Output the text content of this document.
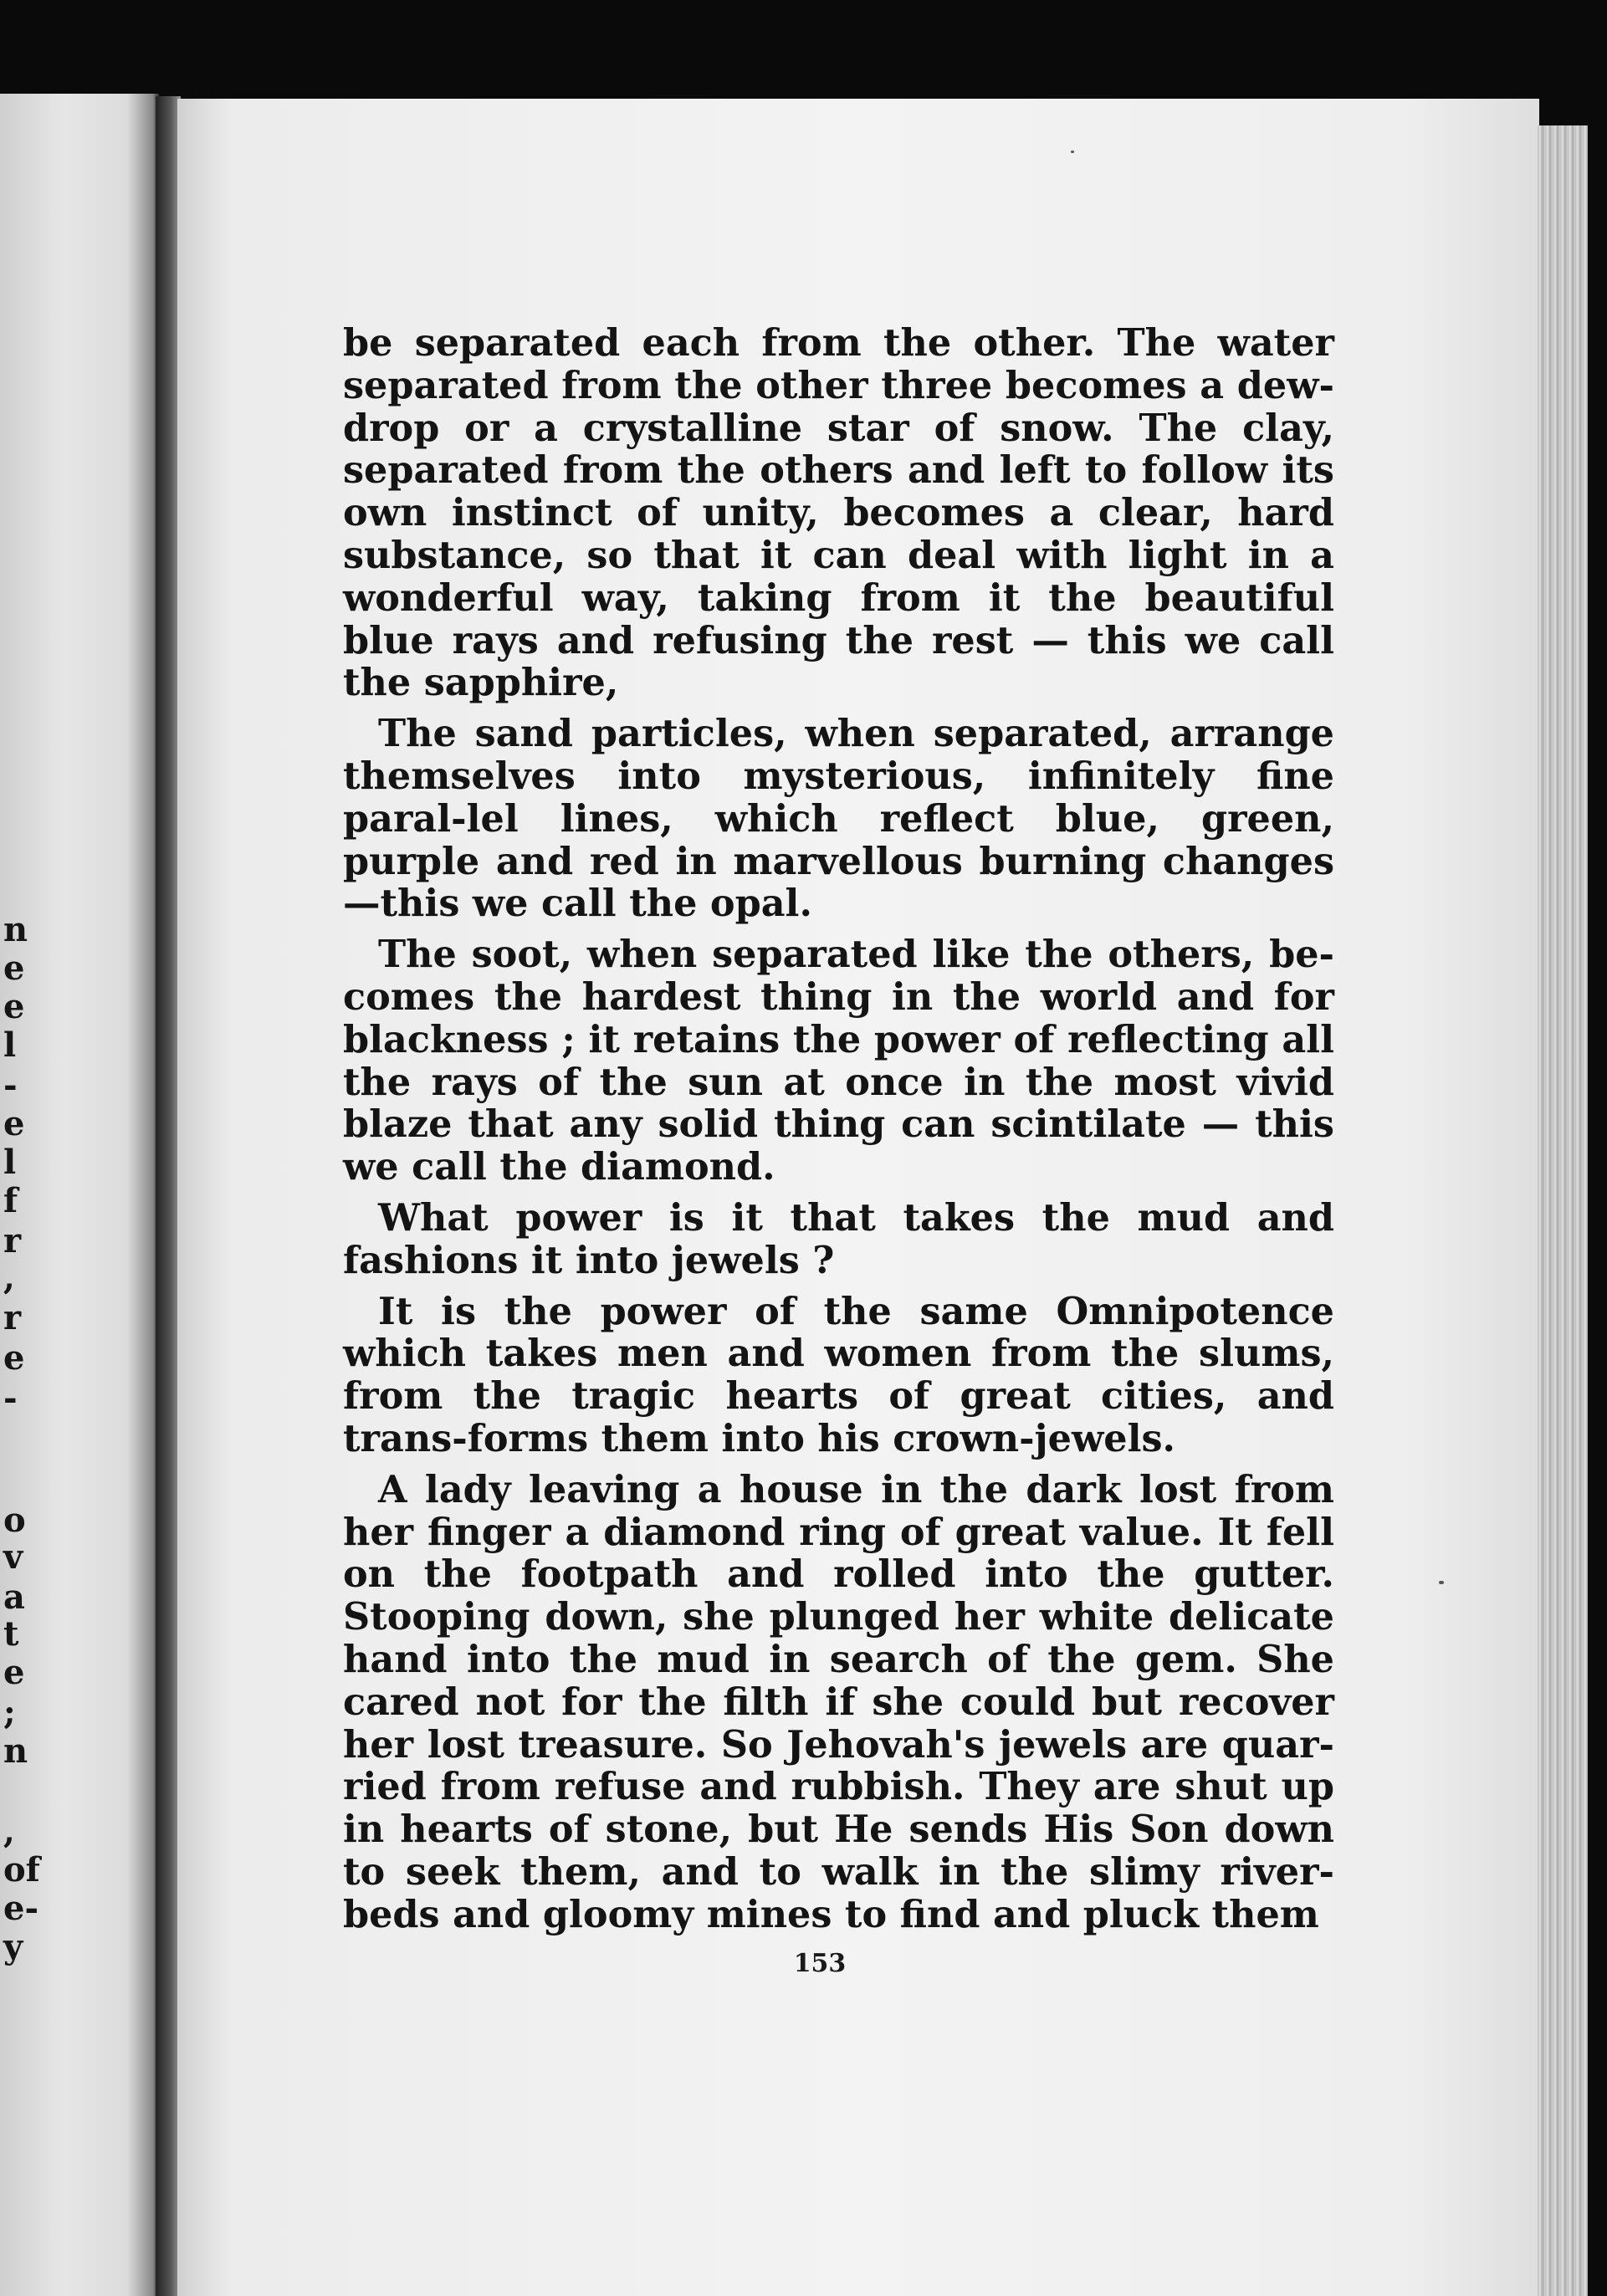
n
e
e
l
-
e
l
f
r
,
r
e
-
o
v
a
t
e
;
n
,
of
e-
y

be separated each from the other. The water separated from the other three becomes a dew-drop or a crystalline star of snow. The clay, separated from the others and left to follow its own instinct of unity, becomes a clear, hard substance, so that it can deal with light in a wonderful way, taking from it the beautiful blue rays and refusing the rest — this we call the sapphire,

The sand particles, when separated, arrange themselves into mysterious, infinitely fine paral-lel lines, which reflect blue, green, purple and red in marvellous burning changes—this we call the opal.

The soot, when separated like the others, be-comes the hardest thing in the world and for blackness ; it retains the power of reflecting all the rays of the sun at once in the most vivid blaze that any solid thing can scintilate — this we call the diamond.

What power is it that takes the mud and fashions it into jewels ?

It is the power of the same Omnipotence which takes men and women from the slums, from the tragic hearts of great cities, and trans-forms them into his crown-jewels.

A lady leaving a house in the dark lost from her finger a diamond ring of great value. It fell on the footpath and rolled into the gutter. Stooping down, she plunged her white delicate hand into the mud in search of the gem. She cared not for the filth if she could but recover her lost treasure. So Jehovah's jewels are quar-ried from refuse and rubbish. They are shut up in hearts of stone, but He sends His Son down to seek them, and to walk in the slimy river-beds and gloomy mines to find and pluck them

153
